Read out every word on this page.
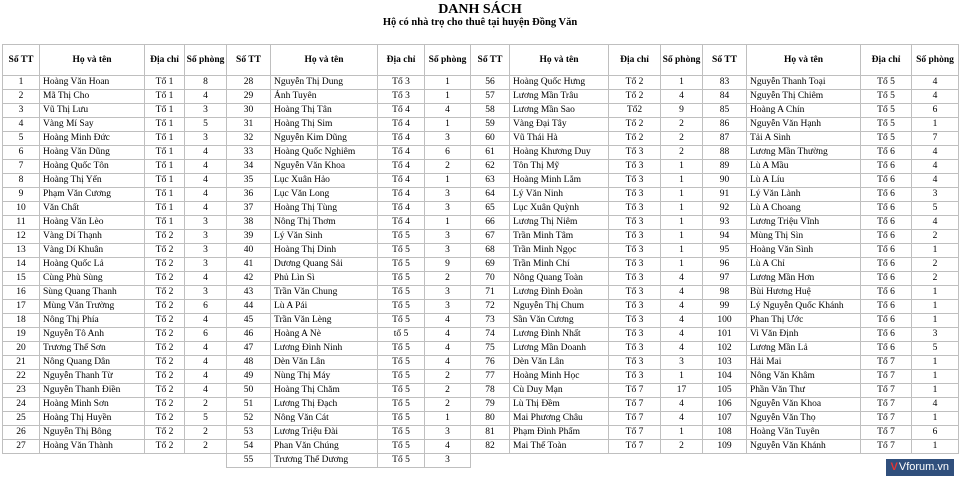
DANH SÁCH
Hộ có nhà trọ cho thuê tại huyện Đồng Văn
Số TT	Họ và tên	Địa chỉ	Số phòng
1	Hoàng Văn Hoan	Tổ 1	8
2	Mã Thị Cho	Tổ 1	4
3	Vũ Thị Lưu	Tổ 1	3
4	Vàng Mí Say	Tổ 1	5
5	Hoàng Minh Đức	Tổ 1	3
6	Hoàng Văn Dũng	Tổ 1	4
7	Hoàng Quốc Tôn	Tổ 1	4
8	Hoàng Thị Yến	Tổ 1	4
9	Phạm Văn Cương	Tổ 1	4
10	Văn Chất	Tổ 1	4
11	Hoàng Văn Lèo	Tổ 1	3
12	Vàng Dí Thạnh	Tổ 2	3
13	Vàng Dí Khuân	Tổ 2	3
14	Hoàng Quốc Lả	Tổ 2	3
15	Cùng Phù Sùng	Tổ 2	4
16	Sùng Quang Thanh	Tổ 2	3
17	Mùng Văn Trường	Tổ 2	6
18	Nông Thị Phía	Tổ 2	4
19	Nguyễn Tô Anh	Tổ 2	6
20	Trương Thế Sơn	Tổ 2	4
21	Nông Quang Dân	Tổ 2	4
22	Nguyễn Thanh Từ	Tổ 2	4
23	Nguyễn Thanh Điền	Tổ 2	4
24	Hoàng Minh Sơn	Tổ 2	2
25	Hoàng Thị Huyền	Tổ 2	5
26	Nguyễn Thị Bông	Tổ 2	2
27	Hoàng Văn Thành	Tổ 2	2
Số TT	Họ và tên	Địa chỉ	Số phòng
28	Nguyễn Thị Dung	Tổ 3	1
29	Ánh Tuyên	Tổ 3	1
30	Hoàng Thị Tân	Tổ 4	4
31	Hoàng Thị Sim	Tổ 4	1
32	Nguyễn Kim Dũng	Tổ 4	3
33	Hoàng Quốc Nghiêm	Tổ 4	6
34	Nguyễn Văn Khoa	Tổ 4	2
35	Lục Xuân Hảo	Tổ 4	1
36	Lục Văn Long	Tổ 4	3
37	Hoàng Thị Tùng	Tổ 4	3
38	Nông Thị Thơm	Tổ 4	1
39	Lý Văn Sinh	Tổ 5	3
40	Hoàng Thị Dinh	Tổ 5	3
41	Dương Quang Sải	Tổ 5	9
42	Phủ Lìn Sì	Tổ 5	2
43	Trần Văn Chung	Tổ 5	3
44	Lù A Pái	Tổ 5	3
45	Trần Văn Lèng	Tổ 5	4
46	Hoàng A Nè	tổ 5	4
47	Lương Đình Ninh	Tổ 5	4
48	Dèn Văn Lân	Tổ 5	4
49	Nùng Thị Máy	Tổ 5	2
50	Hoàng Thị Chăm	Tổ 5	2
51	Lương Thị Đạch	Tổ 5	2
52	Nông Văn Cát	Tổ 5	1
53	Lương Triệu Đài	Tổ 5	3
54	Phan Văn Chúng	Tổ 5	4
55	Trương Thế Dương	Tổ 5	3
Số TT	Họ và tên	Địa chỉ	Số phòng
56	Hoàng Quốc Hưng	Tổ 2	1
57	Lương Mần Trâu	Tổ 2	4
58	Lương Mần Sao	Tổ2	9
59	Vàng Đại Tây	Tổ 2	2
60	Vũ Thái Hà	Tổ 2	2
61	Hoàng Khương Duy	Tổ 3	2
62	Tôn Thị Mỹ	Tổ 3	1
63	Hoàng Minh Lắm	Tổ 3	1
64	Lý Văn Ninh	Tổ 3	1
65	Lục Xuân Quỳnh	Tổ 3	1
66	Lương Thị Niêm	Tổ 3	1
67	Trần Minh Tâm	Tổ 3	1
68	Trần Minh Ngọc	Tổ 3	1
69	Trần Minh Chí	Tổ 3	1
70	Nông Quang Toàn	Tổ 3	4
71	Lương Đình Đoàn	Tổ 3	4
72	Nguyễn Thị Chum	Tổ 3	4
73	Sần Văn Cương	Tổ 3	4
74	Lương Đình Nhất	Tổ 3	4
75	Lương Mần Doanh	Tổ 3	4
76	Dèn Văn Lân	Tổ 3	3
77	Hoàng Minh Học	Tổ 3	1
78	Cù Duy Mạn	Tổ 7	17
79	Lù Thị Đềm	Tổ 7	4
80	Mai Phương Châu	Tổ 7	4
81	Phạm Đình Phẩm	Tổ 7	1
82	Mai Thế Toàn	Tổ 7	2
Số TT	Họ và tên	Địa chỉ	Số phòng
83	Nguyễn Thanh Toại	Tổ 5	4
84	Nguyễn Thị Chiêm	Tổ 5	4
85	Hoàng A Chín	Tổ 5	6
86	Nguyễn Văn Hạnh	Tổ 5	1
87	Tải A Sình	Tổ 5	7
88	Lương Mần Thường	Tổ 6	4
89	Lù A Mầu	Tổ 6	4
90	Lù A Líu	Tổ 6	4
91	Lý Văn Lành	Tổ 6	3
92	Lù A Choang	Tổ 6	5
93	Lương Triệu Vĩnh	Tổ 6	4
94	Mùng Thị Sìn	Tổ 6	2
95	Hoàng Văn Sình	Tổ 6	1
96	Lù A Chỉ	Tổ 6	2
97	Lương Mần Hơn	Tổ 6	2
98	Bùi Hương Huệ	Tổ 6	1
99	Lý Nguyễn Quốc Khánh	Tổ 6	1
100	Phan Thị Ước	Tổ 6	1
101	Vi Văn Định	Tổ 6	3
102	Lương Mần Lả	Tổ 6	5
103	Hải Mai	Tổ 7	1
104	Nông Văn Khâm	Tổ 7	1
105	Phần Văn Thư	Tổ 7	1
106	Nguyễn Văn Khoa	Tổ 7	4
107	Nguyễn Văn Thọ	Tổ 7	1
108	Hoàng Văn Tuyên	Tổ 7	6
109	Nguyễn Văn Khánh	Tổ 7	1
VVforum.vn
